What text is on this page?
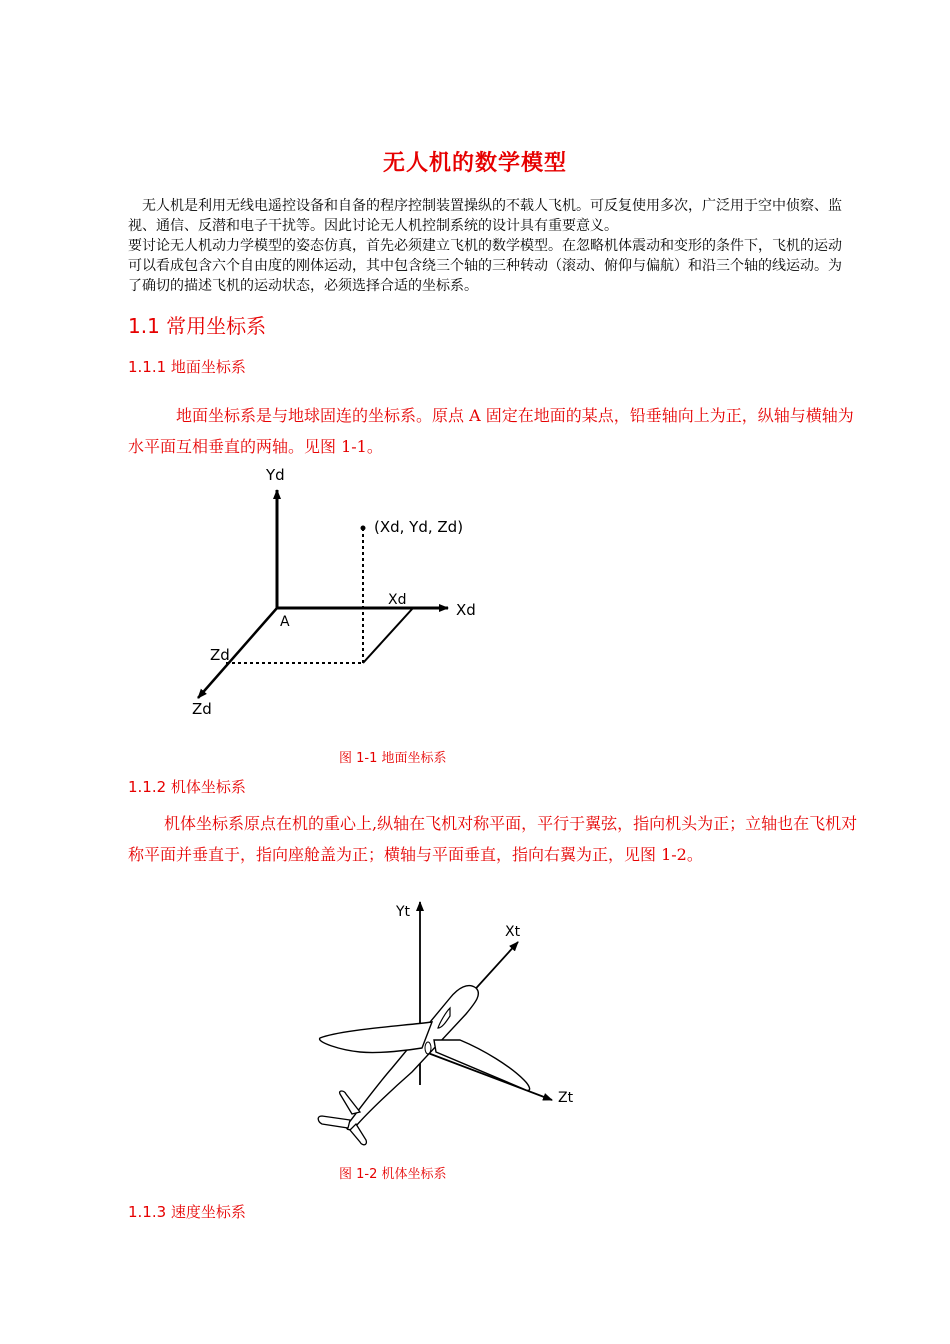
无人机的数学模型

无人机是利用无线电遥控设备和自备的程序控制装置操纵的不载人飞机。可反复使用多次，广泛用于空中侦察、监视、通信、反潜和电子干扰等。因此讨论无人机控制系统的设计具有重要意义。

要讨论无人机动力学模型的姿态仿真，首先必须建立飞机的数学模型。在忽略机体震动和变形的条件下，飞机的运动可以看成包含六个自由度的刚体运动，其中包含绕三个轴的三种转动（滚动、俯仰与偏航）和沿三个轴的线运动。为了确切的描述飞机的运动状态，必须选择合适的坐标系。

1.1 常用坐标系
1.1.1 地面坐标系

地面坐标系是与地球固连的坐标系。原点 A 固定在地面的某点，铅垂轴向上为正，纵轴与横轴为水平面互相垂直的两轴。见图 1-1。

Yd
(Xd, Yd, Zd)
Xd
Xd
A
Zd
Zd
图 1-1 地面坐标系
1.1.2 机体坐标系

机体坐标系原点在机的重心上,纵轴在飞机对称平面，平行于翼弦，指向机头为正；立轴也在飞机对称平面并垂直于，指向座舱盖为正；横轴与平面垂直，指向右翼为正，见图 1-2。

Yt
Xt
Zt
图 1-2 机体坐标系
1.1.3 速度坐标系
